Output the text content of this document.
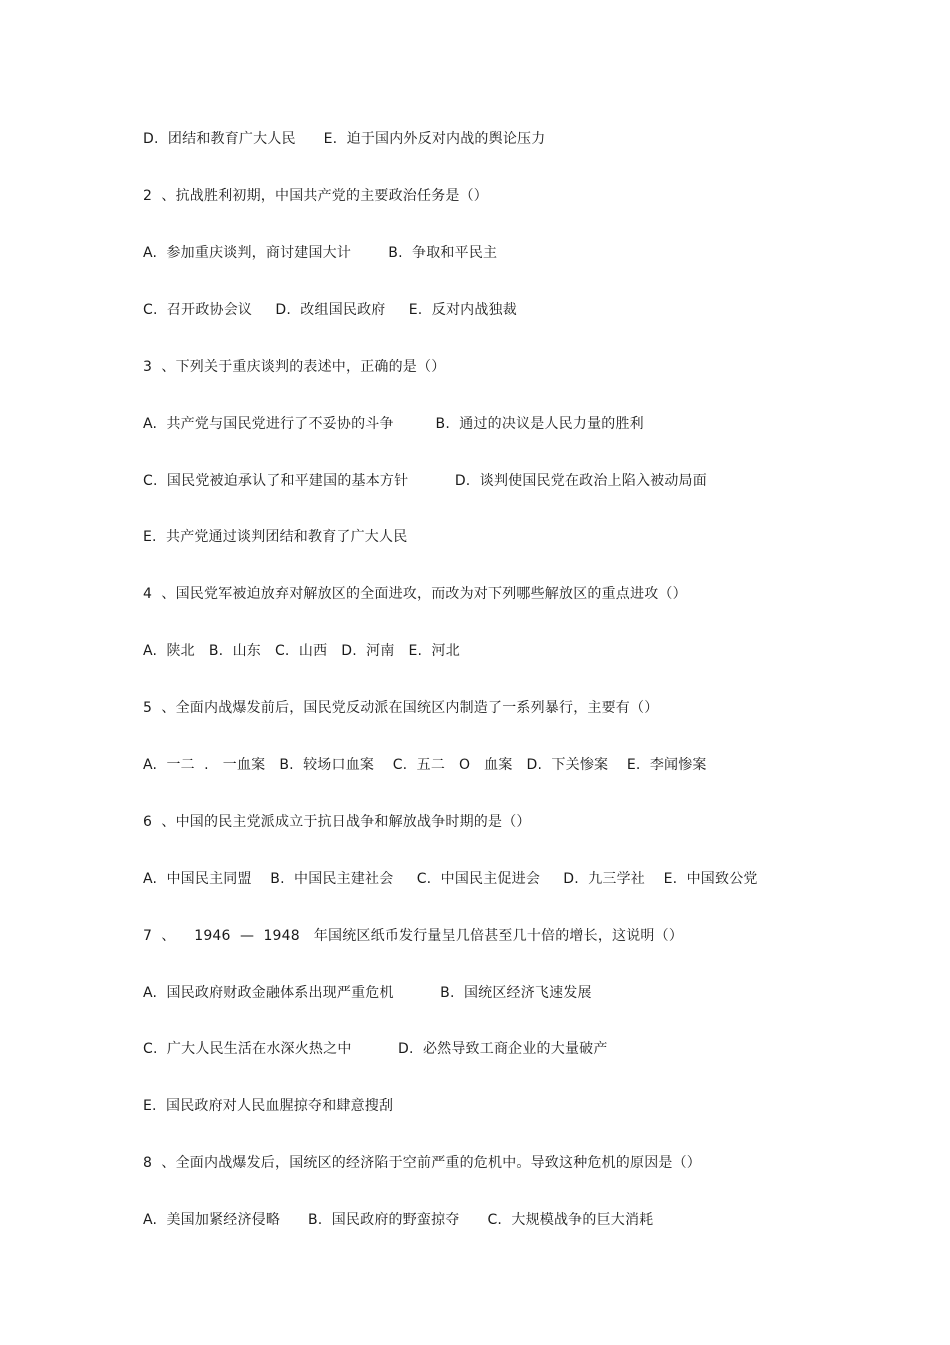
D.  团结和教育广大人民      E.  迫于国内外反对内战的舆论压力
2  、抗战胜利初期，中国共产党的主要政治任务是（）
A.  参加重庆谈判，商讨建国大计        B.  争取和平民主
C.  召开政协会议     D.  改组国民政府     E.  反对内战独裁
3  、下列关于重庆谈判的表述中，正确的是（）
A.  共产党与国民党进行了不妥协的斗争         B.  通过的决议是人民力量的胜利
C.  国民党被迫承认了和平建国的基本方针          D.  谈判使国民党在政治上陷入被动局面
E.  共产党通过谈判团结和教育了广大人民
4  、国民党军被迫放弃对解放区的全面进攻，而改为对下列哪些解放区的重点进攻（）
A.  陕北   B.  山东   C.  山西   D.  河南   E.  河北
5  、全面内战爆发前后，国民党反动派在国统区内制造了一系列暴行，主要有（）
A.  一二  .   一血案   B.  较场口血案    C.  五二   O   血案   D.  下关惨案    E.  李闻惨案
6  、中国的民主党派成立于抗日战争和解放战争时期的是（）
A.  中国民主同盟    B.  中国民主建社会     C.  中国民主促进会     D.  九三学社    E.  中国致公党
7  、    1946  —  1948   年国统区纸币发行量呈几倍甚至几十倍的增长，这说明（）
A.  国民政府财政金融体系出现严重危机          B.  国统区经济飞速发展
C.  广大人民生活在水深火热之中          D.  必然导致工商企业的大量破产
E.  国民政府对人民血腥掠夺和肆意搜刮
8  、全面内战爆发后，国统区的经济陷于空前严重的危机中。导致这种危机的原因是（）
A.  美国加紧经济侵略      B.  国民政府的野蛮掠夺      C.  大规模战争的巨大消耗
